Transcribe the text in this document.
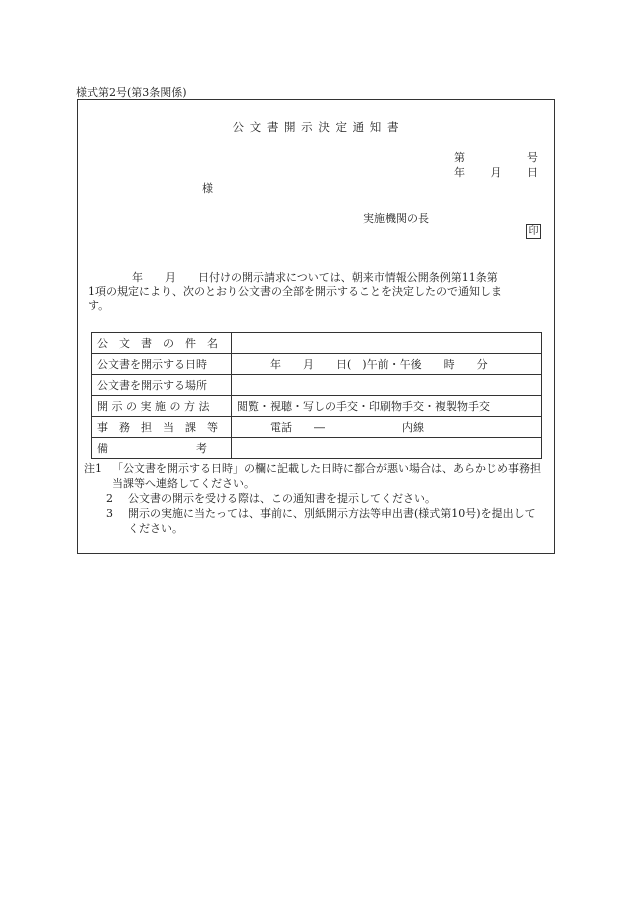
様式第2号(第3条関係)
公 文 書 開 示 決 定 通 知 書
第	号
年 月 日
様
実施機関の長
印
　　　　年　　月　　日付けの開示請求については、朝来市情報公開条例第11条第
1項の規定により、次のとおり公文書の全部を開示することを決定したので通知しま
す。
公　文　書　の　件　名	
公文書を開示する日時	　　　年　　月　　日(　)午前・午後　　時　　分
公文書を開示する場所	
開 示 の 実 施 の 方 法	閲覧・視聴・写しの手交・印刷物手交・複製物手交
事　務　担　当　課　等	　　　電話　　―　　　　　　　内線
備　　　　　　　　考	
注1 「公文書を開示する日時」の欄に記載した日時に都合が悪い場合は、あらかじめ事務担当課等へ連絡してください。
2	公文書の開示を受ける際は、この通知書を提示してください。
3	開示の実施に当たっては、事前に、別紙開示方法等申出書(様式第10号)を提出してください。
